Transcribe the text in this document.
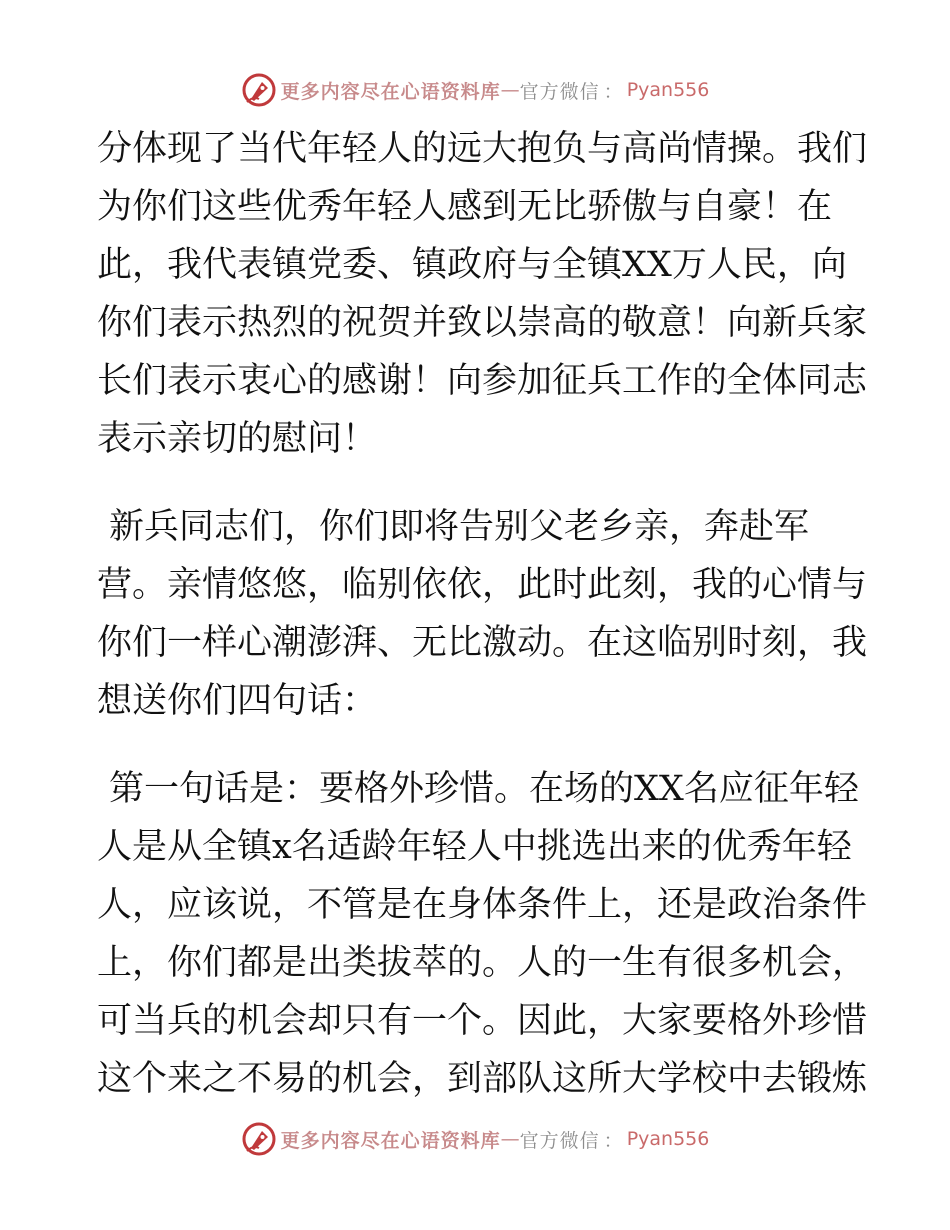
更多内容尽在心语资料库 — 官方微信 ： Pyan556
分体现了当代年轻人的远大抱负与高尚情操。我们
为你们这些优秀年轻人感到无比骄傲与自豪！在
此，我代表镇党委、镇政府与全镇XX万人民，向
你们表示热烈的祝贺并致以崇高的敬意！向新兵家
长们表示衷心的感谢！向参加征兵工作的全体同志
表示亲切的慰问！
新兵同志们，你们即将告别父老乡亲，奔赴军
营。亲情悠悠，临别依依，此时此刻，我的心情与
你们一样心潮澎湃、无比激动。在这临别时刻，我
想送你们四句话：
第一句话是：要格外珍惜。在场的XX名应征年轻
人是从全镇x名适龄年轻人中挑选出来的优秀年轻
人，应该说，不管是在身体条件上，还是政治条件
上，你们都是出类拔萃的。人的一生有很多机会，
可当兵的机会却只有一个。因此，大家要格外珍惜
这个来之不易的机会，到部队这所大学校中去锻炼
更多内容尽在心语资料库 — 官方微信 ： Pyan556
